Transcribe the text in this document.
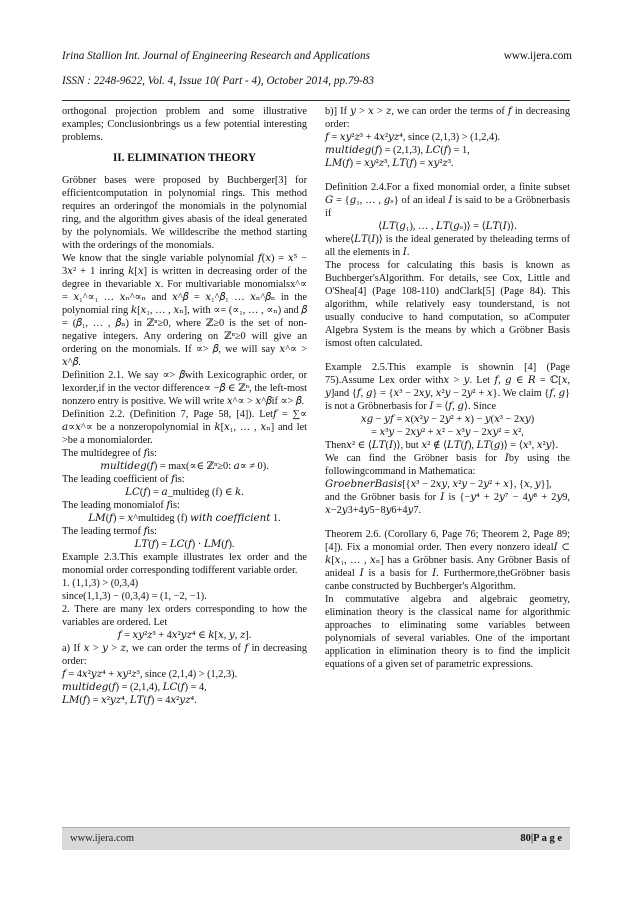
Irina Stallion Int. Journal of Engineering Research and Applications	www.ijera.com
ISSN : 2248-9622, Vol. 4, Issue 10( Part - 4), October 2014, pp.79-83

orthogonal projection problem and some illustrative examples; Conclusionbrings us a few potential interesting problems.

II. ELIMINATION THEORY

Gröbner bases were proposed by Buchberger[3] for efficientcomputation in polynomial rings. This method requires an orderingof the monomials in the polynomial ring, and the algorithm gives abasis of the ideal generated by the polynomials. We willdescribe the method starting with the orderings of the monomials.

We know that the single variable polynomial 𝑓(𝑥) = 𝑥⁵ − 3𝑥² + 1 inring 𝑘[𝑥] is written in decreasing order of the degree in thevariable 𝑥. For multivariable monomialsx^∝ = 𝑥₁^∝₁ … 𝑥ₙ^∝ₙ and 𝑥^𝛽 = 𝑥₁^𝛽₁ … 𝑥ₙ^𝛽ₙ in the polynomial ring 𝑘[𝑥₁, … , 𝑥ₙ], with ∝= (∝₁, … , ∝ₙ) and 𝛽 = (𝛽₁, … , 𝛽ₙ) in ℤⁿ≥0, where ℤ≥0 is the set of non-negative integers. Any ordering on ℤⁿ≥0 will give an ordering on the monomials. If ∝> 𝛽, we will say 𝑥^∝ > 𝑥^𝛽.

Definition 2.1. We say ∝> 𝛽with Lexicographic order, or lexorder,if in the vector difference∝ −𝛽 ∈ ℤⁿ, the left-most nonzero entry is positive. We will write 𝑥^∝ > 𝑥^𝛽if ∝> 𝛽.

Definition 2.2. (Definition 7, Page 58, [4]). Let𝑓 = ∑∝ 𝑎∝𝑥^∝ be a nonzeropolynomial in 𝑘[𝑥₁, … , 𝑥ₙ] and let >be a monomialorder.

The multidegree of 𝑓is:

𝑚𝑢𝑙𝑡𝑖𝑑𝑒𝑔(𝑓) = max(∝∈ ℤⁿ≥0: 𝑎∝ ≠ 0).

The leading coefficient of 𝑓is:

𝐿𝐶(𝑓) = 𝑎_multideg (f) ∈ 𝑘.

The leading monomialof 𝑓is:

𝐿𝑀(𝑓) = 𝑥^multideg (f) 𝑤𝑖𝑡ℎ 𝑐𝑜𝑒𝑓𝑓𝑖𝑐𝑖𝑒𝑛𝑡 1.

The leading termof 𝑓is:

𝐿𝑇(𝑓) = 𝐿𝐶(𝑓) ⋅ 𝐿𝑀(𝑓).

Example 2.3.This example illustrates lex order and the monomial order corresponding todifferent variable order.

1. (1,1,3) > (0,3,4)

since(1,1,3) − (0,3,4) = (1, −2, −1).

2. There are many lex orders corresponding to how the variables are ordered. Let

𝑓 = 𝑥𝑦²𝑧³ + 4𝑥²𝑦𝑧⁴ ∈ 𝑘[𝑥, 𝑦, 𝑧].

a) If 𝑥 > 𝑦 > 𝑧, we can order the terms of 𝑓 in decreasing order:

𝑓 = 4𝑥²𝑦𝑧⁴ + 𝑥𝑦²𝑧³, since (2,1,4) > (1,2,3).

𝑚𝑢𝑙𝑡𝑖𝑑𝑒𝑔(𝑓) = (2,1,4), 𝐿𝐶(𝑓) = 4,

𝐿𝑀(𝑓) = 𝑥²𝑦𝑧⁴, 𝐿𝑇(𝑓) = 4𝑥²𝑦𝑧⁴.

b)] If 𝑦 > 𝑥 > 𝑧, we can order the terms of 𝑓 in decreasing order:

𝑓 = 𝑥𝑦²𝑧³ + 4𝑥²𝑦𝑧⁴, since (2,1,3) > (1,2,4).

𝑚𝑢𝑙𝑡𝑖𝑑𝑒𝑔(𝑓) = (2,1,3), 𝐿𝐶(𝑓) = 1,

𝐿𝑀(𝑓) = 𝑥𝑦²𝑧³, 𝐿𝑇(𝑓) = 𝑥𝑦²𝑧³.

Definition 2.4.For a fixed monomial order, a finite subset 𝐺 = {𝑔₁, … , 𝑔ₛ} of an ideal 𝐼 is said to be a Gröbnerbasis if

⟨𝐿𝑇(𝑔₁), … , 𝐿𝑇(𝑔ₛ)⟩ = ⟨𝐿𝑇(𝐼)⟩.

where⟨𝐿𝑇(𝐼)⟩ is the ideal generated by theleading terms of all the elements in 𝐼.

The process for calculating this basis is known as Buchberger'sAlgorithm. For details, see Cox, Little and O'Shea[4] (Page 108-110) andClark[5] (Page 84). This algorithm, while relatively easy tounderstand, is not usually conducive to hand computation, so aComputer Algebra System is the means by which a Gröbner Basis ismost often calculated.

Example 2.5.This example is shownin [4] (Page 75).Assume Lex order with𝑥 > 𝑦. Let 𝑓, 𝑔 ∈ 𝑅 = ℂ[𝑥, 𝑦]and {𝑓, 𝑔} = {𝑥³ − 2𝑥𝑦, 𝑥²𝑦 − 2𝑦² + 𝑥}. We claim {𝑓, 𝑔} is not a Gröbnerbasis for 𝐼 = ⟨𝑓, 𝑔⟩. Since

𝑥𝑔 − 𝑦𝑓 = 𝑥(𝑥²𝑦 − 2𝑦² + 𝑥) − 𝑦(𝑥³ − 2𝑥𝑦)

= 𝑥³𝑦 − 2𝑥𝑦² + 𝑥² − 𝑥³𝑦 − 2𝑥𝑦² = 𝑥²,

Then𝑥² ∈ ⟨𝐿𝑇(𝐼)⟩, but 𝑥² ∉ ⟨𝐿𝑇(𝑓), 𝐿𝑇(𝑔)⟩ = ⟨𝑥³, 𝑥²𝑦⟩.

We can find the Gröbner basis for 𝐼by using the followingcommand in Mathematica:

𝐺𝑟𝑜𝑒𝑏𝑛𝑒𝑟𝐵𝑎𝑠𝑖𝑠[{𝑥³ − 2𝑥𝑦, 𝑥²𝑦 − 2𝑦² + 𝑥}, {𝑥, 𝑦}],

and the Gröbner basis for 𝐼 is {−𝑦⁴ + 2𝑦⁷ − 4𝑦⁸ + 2𝑦9, 𝑥−2𝑦3+4𝑦5−8𝑦6+4𝑦7.

Theorem 2.6. (Corollary 6, Page 76; Theorem 2, Page 89; [4]). Fix a monomial order. Then every nonzero ideal𝐼 ⊂ 𝑘[𝑥₁, … , 𝑥ₙ] has a Gröbner basis. Any Gröbner Basis of anideal 𝐼 is a basis for 𝐼. Furthermore,theGröbner basis canbe constructed by Buchberger's Algorithm.

In commutative algebra and algebraic geometry, elimination theory is the classical name for algorithmic approaches to eliminating some variables between polynomials of several variables. One of the important application in elimination theory is to find the implicit equations of a given set of parametric expressions.

www.ijera.com	80|P a g e
